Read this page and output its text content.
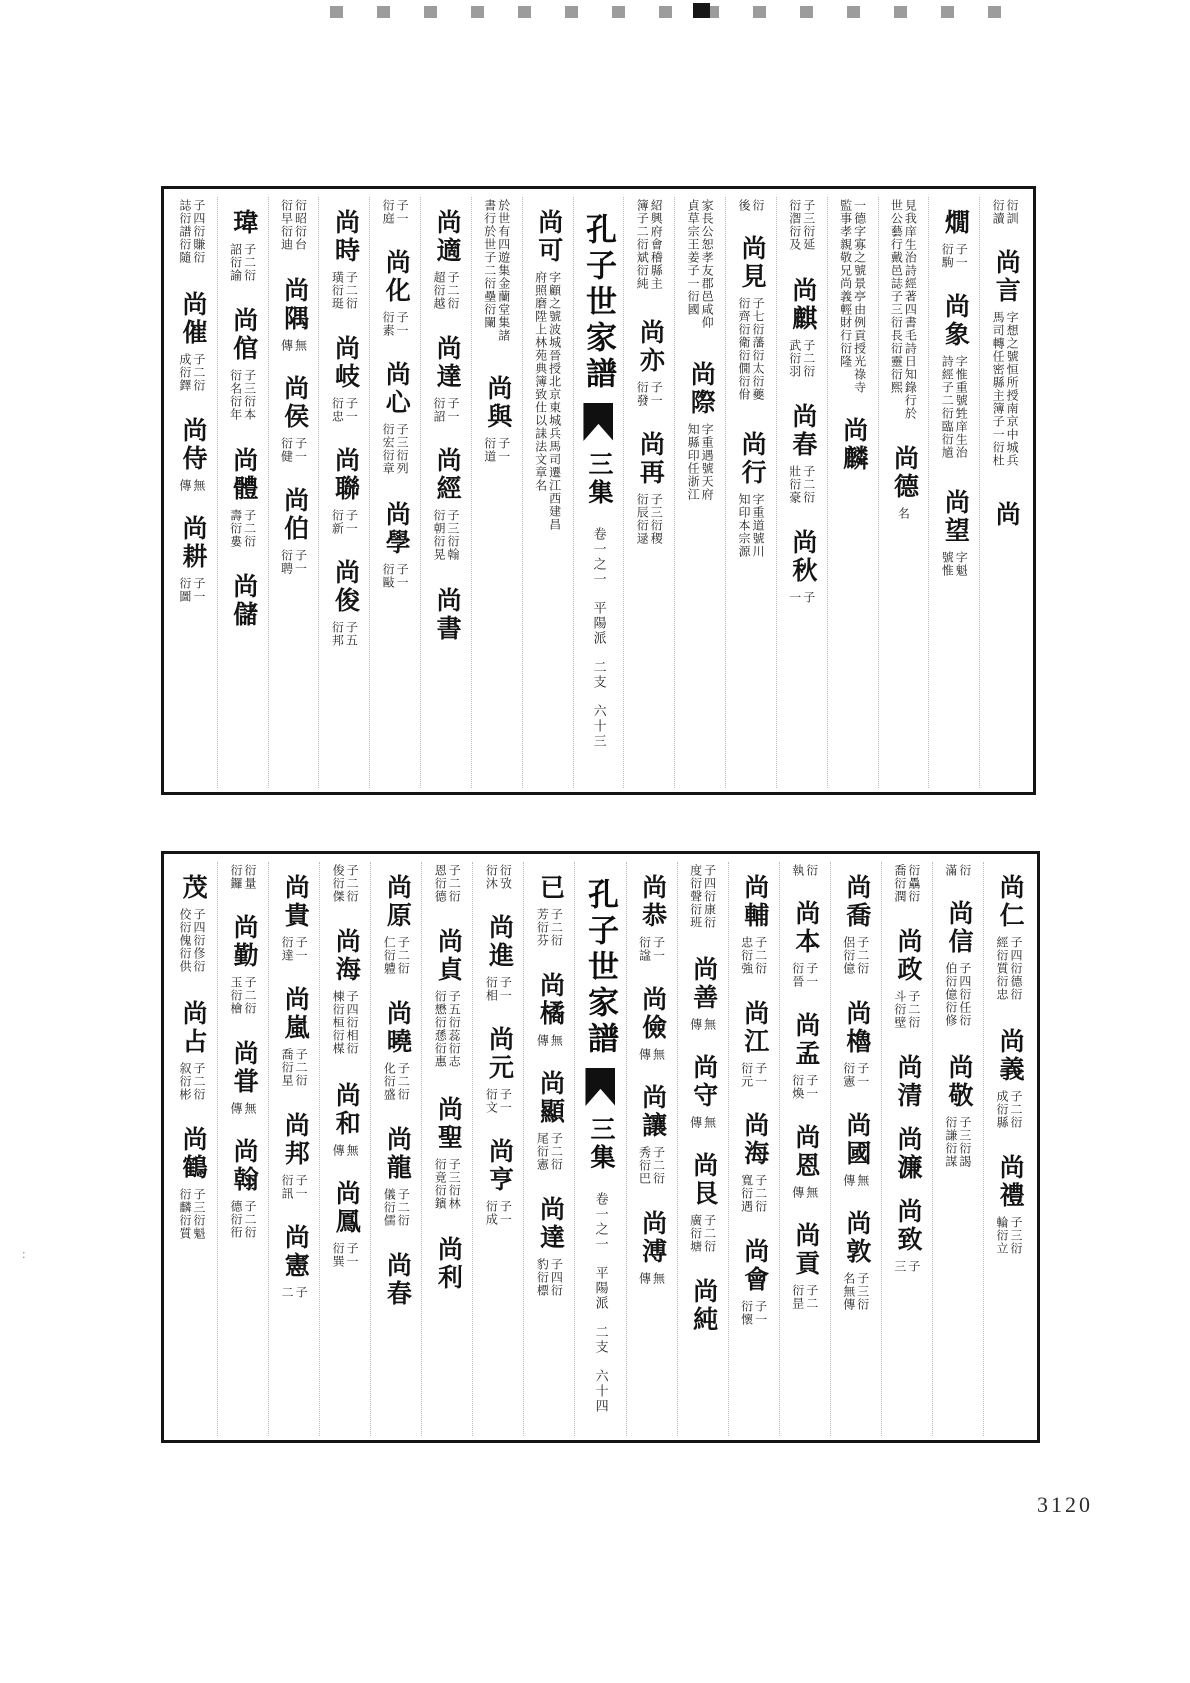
:
衍訓衍讀
尚言
字想之號恒所授南京中城兵馬司轉任密縣主簿子一衍杜
尚
燗
子一衍駒
尚象
字惟重號甡庠生治詩經子二衍臨衍馗
尚望
字魁號惟
見我庠生治詩經著四書毛詩日知錄行於世公藝行戴邑誌子三衍長衍靈衍熙
尚德
名
一德字寡之號景亭由例貢授光祿寺監事孝親敬兄尚義輕財行衍隆
尚麟
子三衍延衍潪衍及
尚麒
子二衍武衍羽
尚春
子二衍壯衍豪
尚秋
子一
衍後
尚見
子七衍藩衍太衍夔衍齊衍衛衍僩衍佾
尚行
字重道號川知印本宗源
家長公恕孝友郡邑咸仰貞草宗王姜子一衍國
尚際
字重遇號天府知縣印任浙江
紹興府會稽縣主簿子二衍斌衍純
尚亦
子一衍發
尚再
子三衍稷衍辰衍逯
孔子世家譜
三集
卷一之一
平陽派
二支
六十三
尚可
字顧之號波城晉授北京東城兵馬司遷江西建昌府照磨陞上林苑典簿致仕以誄法文章名
於世有四遊集金蘭堂集諸書行於世子二衍壘衍闌
尚與
子一衍道
尚適
子二衍超衍越
尚達
子一衍詔
尚經
子三衍翰衍朝衍晃
尚書
子一衍庭
尚化
子一衍素
尚心
子三衍列衍宏衍章
尚學
子一衍敺
尚時
子二衍璜衍珽
尚岐
子一衍忠
尚聯
子一衍新
尚俊
子五衍邦
衍昭衍台衍早衍迪
尚隅
無傳
尚侯
子一衍健
尚伯
子一衍聘
瑋
子二衍詔衍諭
尚倌
子三衍本衍名衍年
尚體
子二衍壽衍婁
尚儲
子四衍賺衍誌衍譜衍隨
尚催
子二衍成衍鐸
尚侍
無傳
尚耕
子一衍圖
尚仁
子四衍德衍經衍質衍忠
尚義
子二衍成衍縣
尚禮
子三衍輪衍立
衍滿
尚信
子四衍任衍伯衍億衍修
尚敬
子三衍謁衍謙衍謀
衍驫衍喬衍潤
尚政
子二衍斗衍壁
尚清
尚濂
尚致
子三
尚喬
子二衍侶衍億
尚櫓
子一衍憲
尚國
無傳
尚敦
子三衍名無傳
衍執
尚本
子一衍晉
尚孟
子一衍煥
尚恩
無傳
尚貢
子二衍昰
尚輔
子二衍忠衍強
尚江
子一衍元
尚海
子二衍寬衍遇
尚會
子一衍懷
子四衍康衍度衍聲衍班
尚善
無傳
尚守
無傳
尚艮
子二衍廣衍塘
尚純
尚恭
子一衍諡
尚儉
無傳
尚讓
子二衍秀衍巴
尚溥
無傳
孔子世家譜
三集
卷一之一
平陽派
二支
六十四
已
子二衍芳衍芬
尚橘
無傳
尚顯
子二衍尾衍憲
尚達
子四衍豹衍標
衍攷衍沐
尚進
子一衍相
尚元
子一衍文
尚亨
子一衍成
子二衍恩衍德
尚貞
子五衍蕊衍志衍懋衍愻衍惠
尚聖
子三衍林衍竟衍鑌
尚利
尚原
子二衍仁衍軆
尚曉
子二衍化衍盛
尚龍
子二衍儀衍儒
尚春
子二衍俊衍傑
尚海
子四衍相衍棟衍桓衍楳
尚和
無傳
尚鳳
子一衍巽
尚貴
子一衍達
尚嵐
子二衍喬衍星
尚邦
子一衍訊
尚憲
子二
衍量衍鑼
尚勤
子二衍玉衍檜
尚甞
無傳
尚翰
子二衍德衍衎
茂
子四衍俢衍佼衍傀衍供
尚占
子二衍叙衍彬
尚鶴
子三衍魁衍麟衍質
3120
